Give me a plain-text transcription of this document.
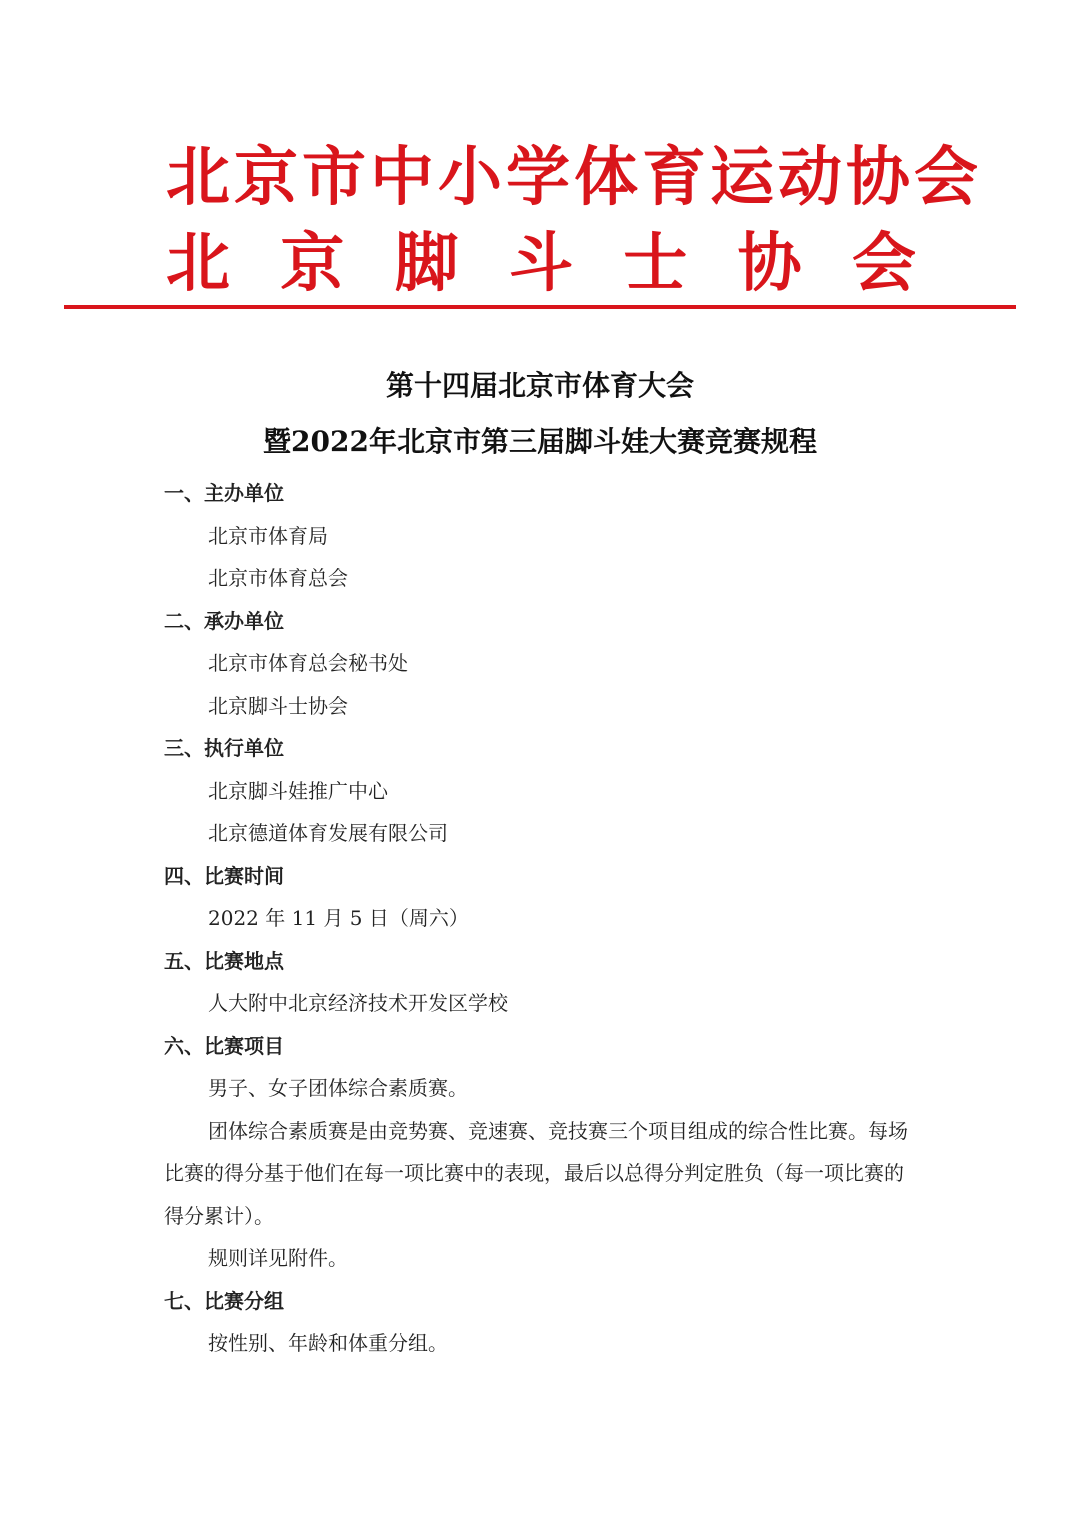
北京市中小学体育运动协会
北 京 脚 斗 士 协 会
第十四届北京市体育大会
暨2022年北京市第三届脚斗娃大赛竞赛规程
一、主办单位
北京市体育局
北京市体育总会
二、承办单位
北京市体育总会秘书处
北京脚斗士协会
三、执行单位
北京脚斗娃推广中心
北京德道体育发展有限公司
四、比赛时间
2022 年 11 月 5 日（周六）
五、比赛地点
人大附中北京经济技术开发区学校
六、比赛项目
男子、女子团体综合素质赛。
团体综合素质赛是由竞势赛、竞速赛、竞技赛三个项目组成的综合性比赛。每场比赛的得分基于他们在每一项比赛中的表现，最后以总得分判定胜负（每一项比赛的得分累计）。
规则详见附件。
七、比赛分组
按性别、年龄和体重分组。
